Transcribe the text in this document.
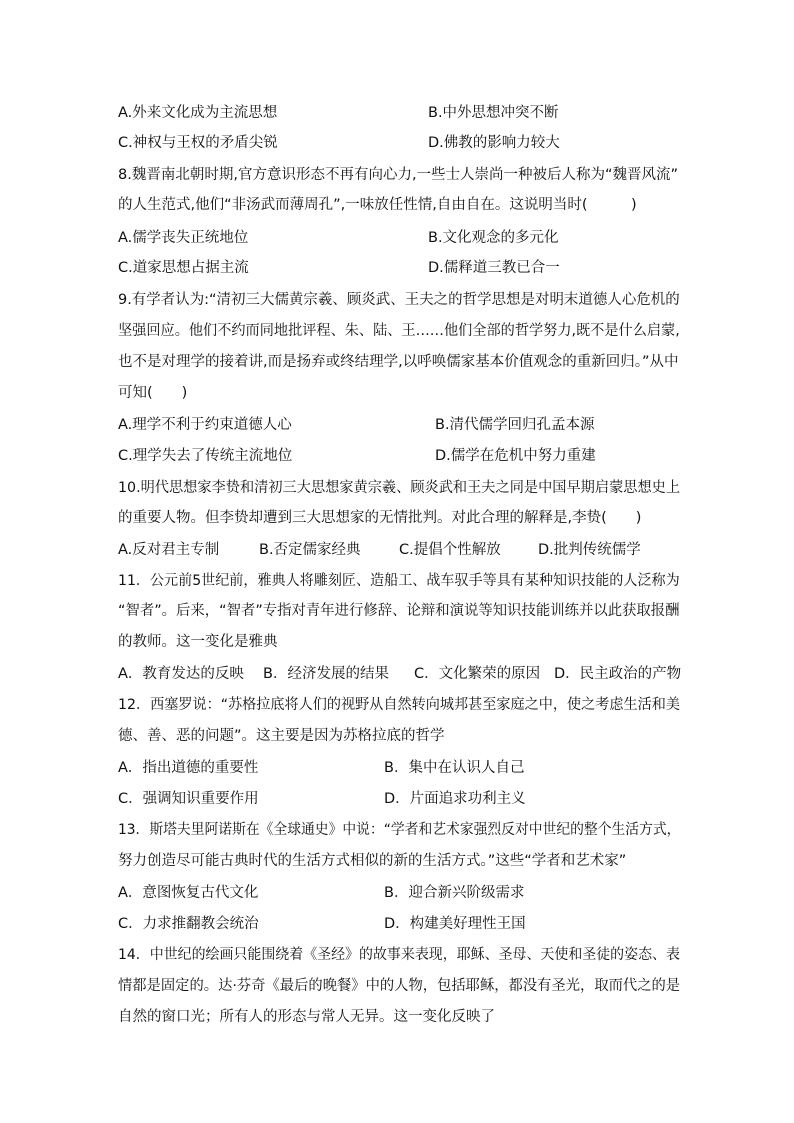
A.外来文化成为主流思想	B.中外思想冲突不断
C.神权与王权的矛盾尖锐	D.佛教的影响力较大
8.魏晋南北朝时期,官方意识形态不再有向心力,一些士人崇尚一种被后人称为“魏晋风流”
的人生范式,他们“非汤武而薄周孔”,一味放任性情,自由自在。这说明当时(　　　)
A.儒学丧失正统地位	B.文化观念的多元化
C.道家思想占据主流	D.儒释道三教已合一
9.有学者认为:“清初三大儒黄宗羲、顾炎武、王夫之的哲学思想是对明末道德人心危机的
坚强回应。他们不约而同地批评程、朱、陆、王……他们全部的哲学努力,既不是什么启蒙,
也不是对理学的接着讲,而是扬弃或终结理学,以呼唤儒家基本价值观念的重新回归。”从中
可知(　　)
A.理学不利于约束道德人心	B.清代儒学回归孔孟本源
C.理学失去了传统主流地位	D.儒学在危机中努力重建
10.明代思想家李贽和清初三大思想家黄宗羲、顾炎武和王夫之同是中国早期启蒙思想史上
的重要人物。但李贽却遭到三大思想家的无情批判。对此合理的解释是,李贽(　　)
A.反对君主专制	B.否定儒家经典	C.提倡个性解放	D.批判传统儒学
11．公元前5世纪前，雅典人将雕刻匠、造船工、战车驭手等具有某种知识技能的人泛称为
“智者”。后来，“智者”专指对青年进行修辞、论辩和演说等知识技能训练并以此获取报酬
的教师。这一变化是雅典
A．教育发达的反映 B．经济发展的结果 C．文化繁荣的原因 D．民主政治的产物
12．西塞罗说：“苏格拉底将人们的视野从自然转向城邦甚至家庭之中，使之考虑生活和美
德、善、恶的问题”。这主要是因为苏格拉底的哲学
A．指出道德的重要性	B．集中在认识人自己
C．强调知识重要作用	D．片面追求功利主义
13．斯塔夫里阿诺斯在《全球通史》中说：“学者和艺术家强烈反对中世纪的整个生活方式，
努力创造尽可能古典时代的生活方式相似的新的生活方式。”这些“学者和艺术家”
A．意图恢复古代文化	B．迎合新兴阶级需求
C．力求推翻教会统治	D．构建美好理性王国
14．中世纪的绘画只能围绕着《圣经》的故事来表现，耶稣、圣母、天使和圣徒的姿态、表
情都是固定的。达·芬奇《最后的晚餐》中的人物，包括耶稣，都没有圣光，取而代之的是
自然的窗口光；所有人的形态与常人无异。这一变化反映了
